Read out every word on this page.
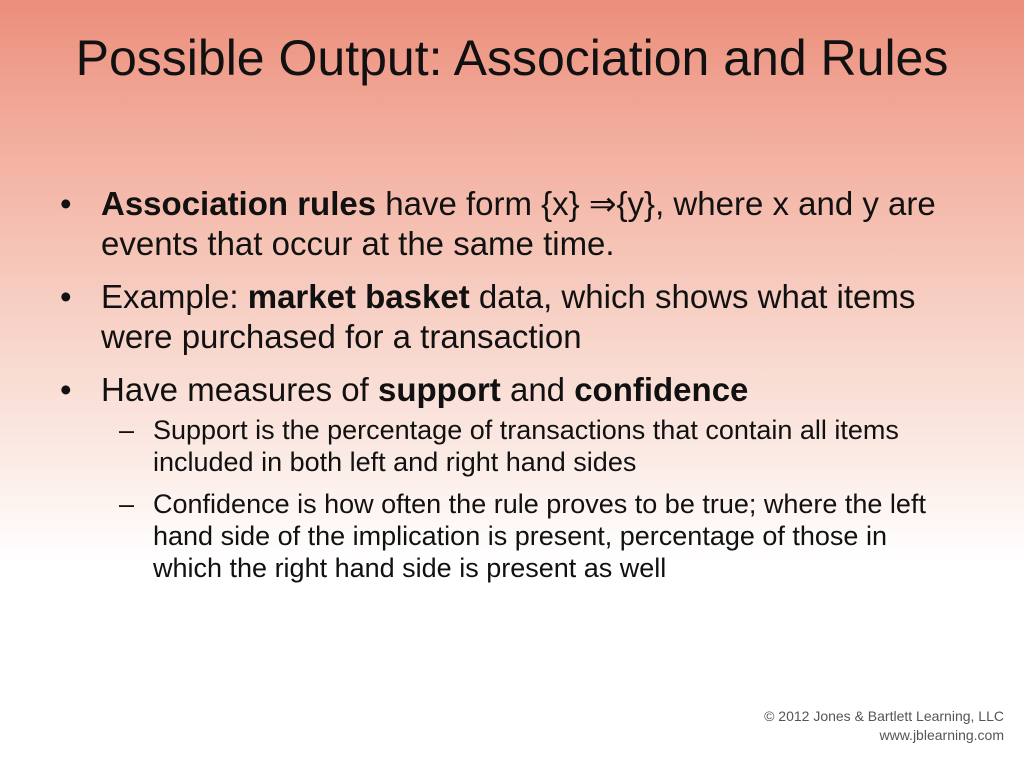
Possible Output: Association and Rules
• Association rules have form {x} ⇒{y}, where x and y are events that occur at the same time.
• Example: market basket data, which shows what items were purchased for a transaction
• Have measures of support and confidence
– Support is the percentage of transactions that contain all items included in both left and right hand sides
– Confidence is how often the rule proves to be true; where the left hand side of the implication is present, percentage of those in which the right hand side is present as well
© 2012 Jones & Bartlett Learning, LLC
www.jblearning.com
